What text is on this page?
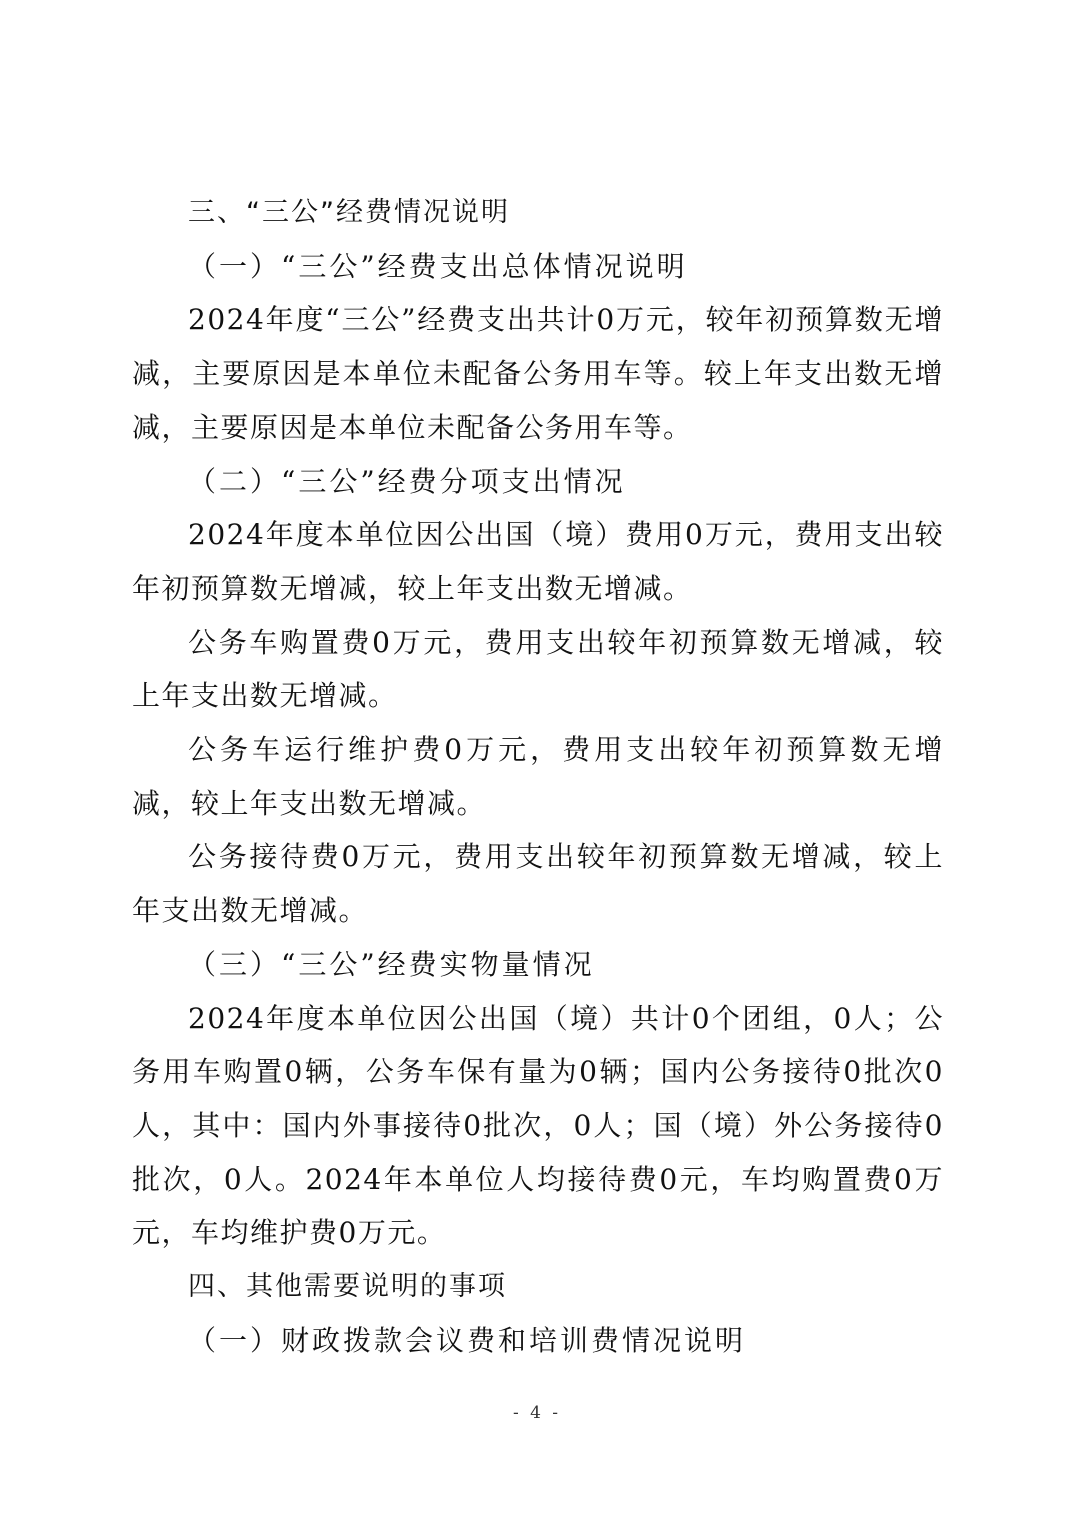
三、“三公”经费情况说明

（一）“三公”经费支出总体情况说明

2024年度“三公”经费支出共计0万元，较年初预算数无增减，主要原因是本单位未配备公务用车等。较上年支出数无增减，主要原因是本单位未配备公务用车等。

（二）“三公”经费分项支出情况

2024年度本单位因公出国（境）费用0万元，费用支出较年初预算数无增减，较上年支出数无增减。

公务车购置费0万元，费用支出较年初预算数无增减，较上年支出数无增减。

公务车运行维护费0万元，费用支出较年初预算数无增减，较上年支出数无增减。

公务接待费0万元，费用支出较年初预算数无增减，较上年支出数无增减。

（三）“三公”经费实物量情况

2024年度本单位因公出国（境）共计0个团组，0人；公务用车购置0辆，公务车保有量为0辆；国内公务接待0批次0人，其中：国内外事接待0批次，0人；国（境）外公务接待0批次，0人。2024年本单位人均接待费0元，车均购置费0万元，车均维护费0万元。

四、其他需要说明的事项

（一）财政拨款会议费和培训费情况说明

- 4 -
